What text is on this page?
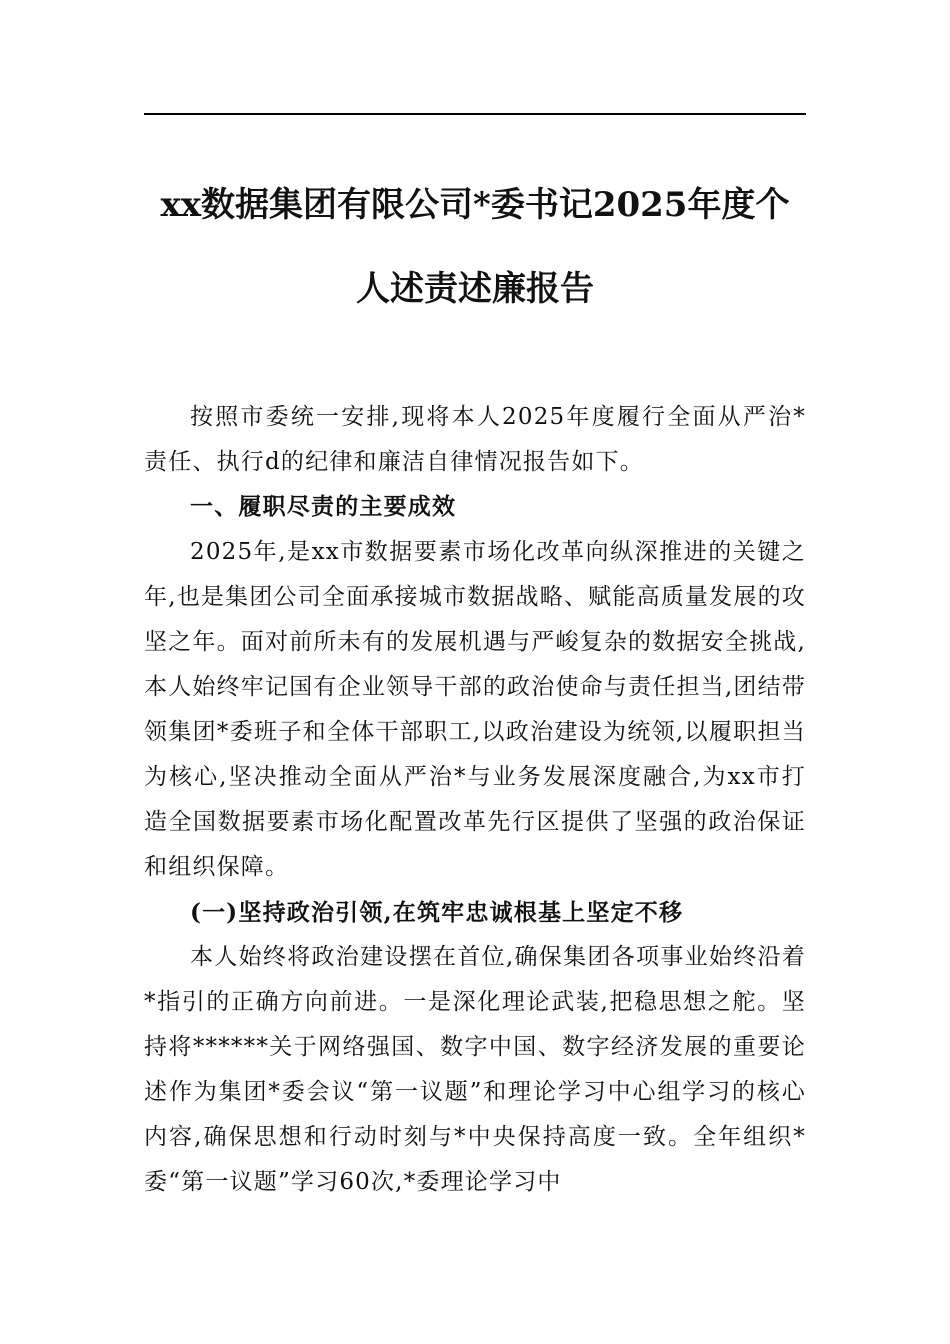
xx数据集团有限公司*委书记2025年度个
人述责述廉报告

按照市委统一安排,现将本人2025年度履行全面从严治*责任、执行d的纪律和廉洁自律情况报告如下。

一、履职尽责的主要成效

2025年,是xx市数据要素市场化改革向纵深推进的关键之年,也是集团公司全面承接城市数据战略、赋能高质量发展的攻坚之年。面对前所未有的发展机遇与严峻复杂的数据安全挑战,本人始终牢记国有企业领导干部的政治使命与责任担当,团结带领集团*委班子和全体干部职工,以政治建设为统领,以履职担当为核心,坚决推动全面从严治*与业务发展深度融合,为xx市打造全国数据要素市场化配置改革先行区提供了坚强的政治保证和组织保障。

(一)坚持政治引领,在筑牢忠诚根基上坚定不移

本人始终将政治建设摆在首位,确保集团各项事业始终沿着*指引的正确方向前进。一是深化理论武装,把稳思想之舵。坚持将******关于网络强国、数字中国、数字经济发展的重要论述作为集团*委会议“第一议题”和理论学习中心组学习的核心内容,确保思想和行动时刻与*中央保持高度一致。全年组织*委“第一议题”学习60次,*委理论学习中
